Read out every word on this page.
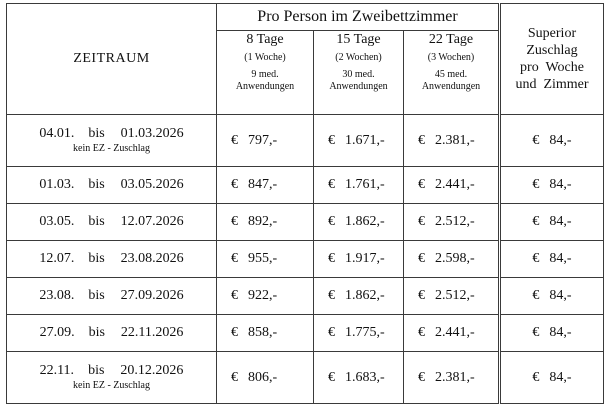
ZEITRAUM	Pro Person im Zweibettzimmer			Superior
Zuschlag
pro  Woche
und  Zimmer

	8 Tage
(1 Woche)
9 med.
Anwendungen	15 Tage
(2 Wochen)
30 med.
Anwendungen	22 Tage
(3 Wochen)
45 med.
Anwendungen	

04.01. bis 01.03.2026
kein EZ - Zuschlag	€ 797,-	€ 1.671,-	€ 2.381,-	€ 84,-
01.03. bis 03.05.2026	€ 847,-	€ 1.761,-	€ 2.441,-	€ 84,-
03.05. bis 12.07.2026	€ 892,-	€ 1.862,-	€ 2.512,-	€ 84,-
12.07. bis 23.08.2026	€ 955,-	€ 1.917,-	€ 2.598,-	€ 84,-
23.08. bis 27.09.2026	€ 922,-	€ 1.862,-	€ 2.512,-	€ 84,-
27.09. bis 22.11.2026	€ 858,-	€ 1.775,-	€ 2.441,-	€ 84,-
22.11. bis 20.12.2026
kein EZ - Zuschlag	€ 806,-	€ 1.683,-	€ 2.381,-	€ 84,-
